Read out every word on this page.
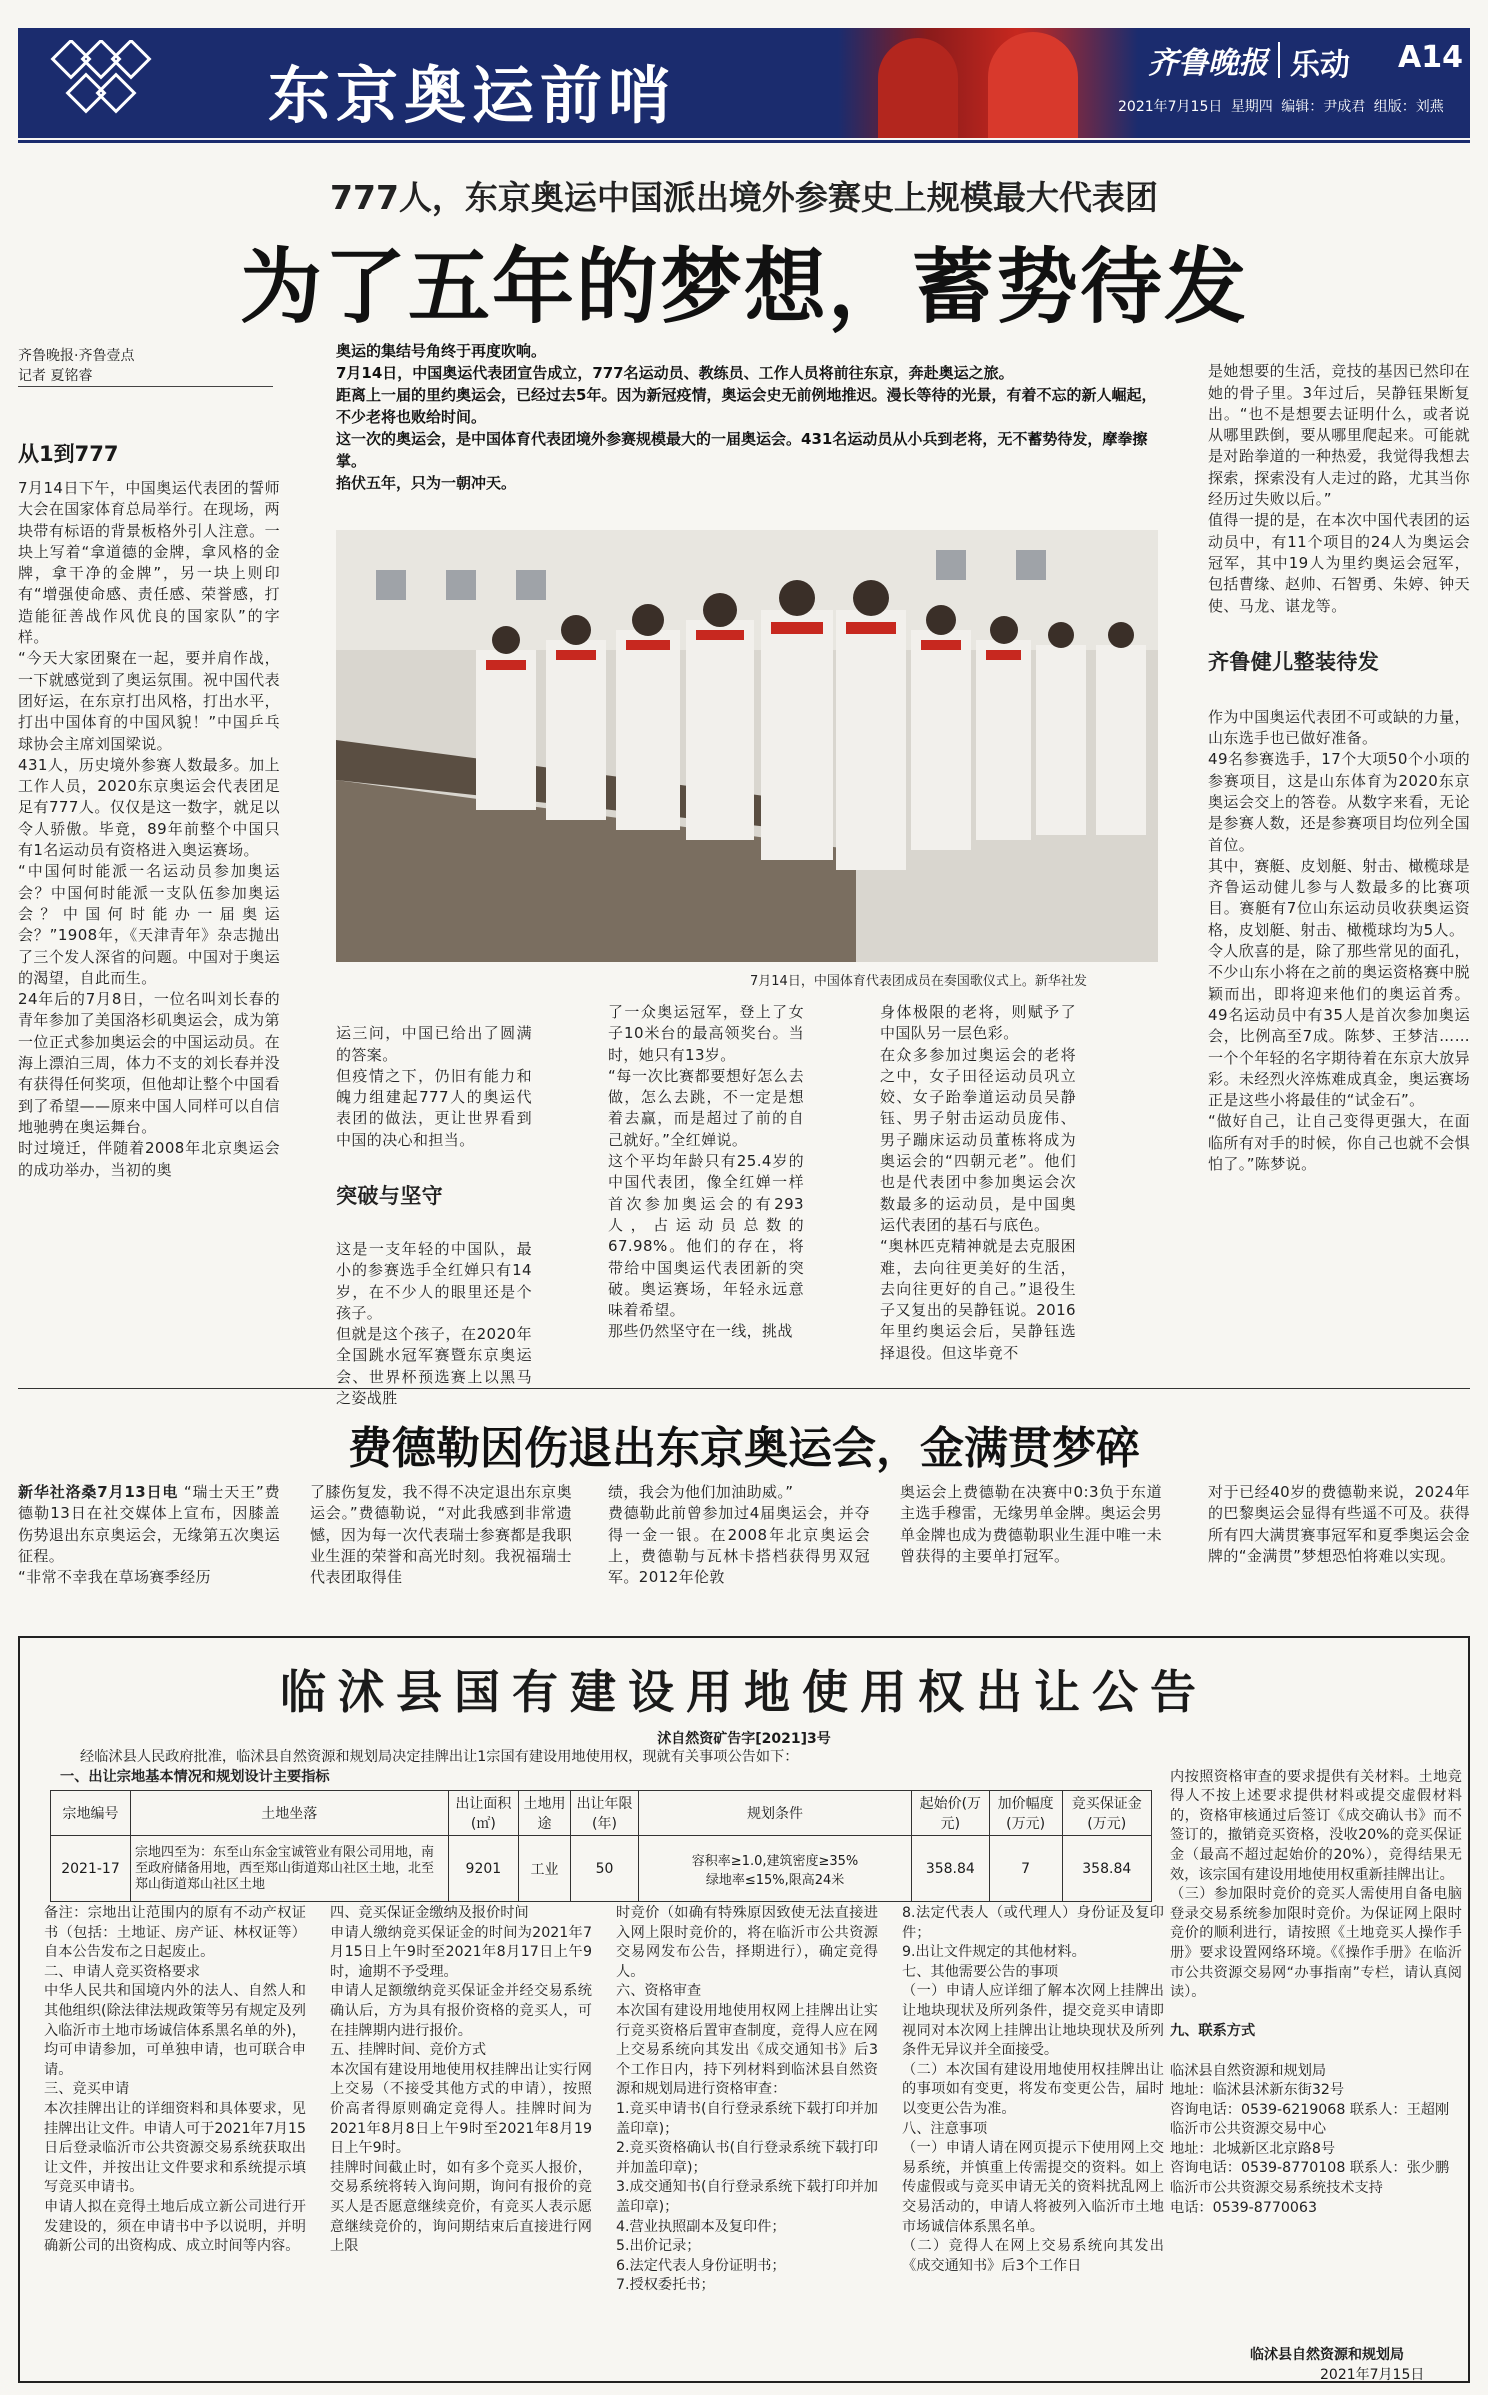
东京奥运前哨	齐鲁晚报 乐动 A14
2021年7月15日 星期四 编辑：尹成君 组版：刘燕
777人，东京奥运中国派出境外参赛史上规模最大代表团
为了五年的梦想，蓄势待发
齐鲁晚报·齐鲁壹点
记者 夏铭睿
从1到777
7月14日下午，中国奥运代表团的誓师大会在国家体育总局举行。在现场，两块带有标语的背景板格外引人注意。一块上写着“拿道德的金牌，拿风格的金牌，拿干净的金牌”，另一块上则印有“增强使命感、责任感、荣誉感，打造能征善战作风优良的国家队”的字样。
“今天大家团聚在一起，要并肩作战，一下就感觉到了奥运氛围。祝中国代表团好运，在东京打出风格，打出水平，打出中国体育的中国风貌！”中国乒乓球协会主席刘国梁说。
431人，历史境外参赛人数最多。加上工作人员，2020东京奥运会代表团足足有777人。仅仅是这一数字，就足以令人骄傲。毕竟，89年前整个中国只有1名运动员有资格进入奥运赛场。
“中国何时能派一名运动员参加奥运会？中国何时能派一支队伍参加奥运会？中国何时能办一届奥运会？”1908年，《天津青年》杂志抛出了三个发人深省的问题。中国对于奥运的渴望，自此而生。
24年后的7月8日，一位名叫刘长春的青年参加了美国洛杉矶奥运会，成为第一位正式参加奥运会的中国运动员。在海上漂泊三周，体力不支的刘长春并没有获得任何奖项，但他却让整个中国看到了希望——原来中国人同样可以自信地驰骋在奥运舞台。
时过境迁，伴随着2008年北京奥运会的成功举办，当初的奥
奥运的集结号角终于再度吹响。
7月14日，中国奥运代表团宣告成立，777名运动员、教练员、工作人员将前往东京，奔赴奥运之旅。
距离上一届的里约奥运会，已经过去5年。因为新冠疫情，奥运会史无前例地推迟。漫长等待的光景，有着不忘的新人崛起，不少老将也败给时间。
这一次的奥运会，是中国体育代表团境外参赛规模最大的一届奥运会。431名运动员从小兵到老将，无不蓄势待发，摩拳擦掌。
掐伏五年，只为一朝冲天。
7月14日，中国体育代表团成员在奏国歌仪式上。新华社发

运三问，中国已给出了圆满的答案。
但疫情之下，仍旧有能力和魄力组建起777人的奥运代表团的做法，更让世界看到中国的决心和担当。

突破与坚守

这是一支年轻的中国队，最小的参赛选手全红婵只有14岁，在不少人的眼里还是个孩子。
但就是这个孩子，在2020年全国跳水冠军赛暨东京奥运会、世界杯预选赛上以黑马之姿战胜

了一众奥运冠军，登上了女子10米台的最高领奖台。当时，她只有13岁。
“每一次比赛都要想好怎么去做，怎么去跳，不一定是想着去赢，而是超过了前的自己就好。”全红婵说。
这个平均年龄只有25.4岁的中国代表团，像全红婵一样首次参加奥运会的有293人，占运动员总数的67.98%。他们的存在，将带给中国奥运代表团新的突破。奥运赛场，年轻永远意味着希望。
那些仍然坚守在一线，挑战
身体极限的老将，则赋予了中国队另一层色彩。
在众多参加过奥运会的老将之中，女子田径运动员巩立姣、女子跆拳道运动员吴静钰、男子射击运动员庞伟、男子蹦床运动员董栋将成为奥运会的“四朝元老”。他们也是代表团中参加奥运会次数最多的运动员，是中国奥运代表团的基石与底色。
“奥林匹克精神就是去克服困难，去向往更美好的生活，去向往更好的自己。”退役生子又复出的吴静钰说。2016年里约奥运会后，吴静钰选择退役。但这毕竟不

是她想要的生活，竞技的基因已然印在她的骨子里。3年过后，吴静钰果断复出。“也不是想要去证明什么，或者说从哪里跌倒，要从哪里爬起来。可能就是对跆拳道的一种热爱，我觉得我想去探索，探索没有人走过的路，尤其当你经历过失败以后。”
值得一提的是，在本次中国代表团的运动员中，有11个项目的24人为奥运会冠军，其中19人为里约奥运会冠军，包括曹缘、赵帅、石智勇、朱婷、钟天使、马龙、谌龙等。

齐鲁健儿整装待发

作为中国奥运代表团不可或缺的力量，山东选手也已做好准备。
49名参赛选手，17个大项50个小项的参赛项目，这是山东体育为2020东京奥运会交上的答卷。从数字来看，无论是参赛人数，还是参赛项目均位列全国首位。
其中，赛艇、皮划艇、射击、橄榄球是齐鲁运动健儿参与人数最多的比赛项目。赛艇有7位山东运动员收获奥运资格，皮划艇、射击、橄榄球均为5人。
令人欣喜的是，除了那些常见的面孔，不少山东小将在之前的奥运资格赛中脱颖而出，即将迎来他们的奥运首秀。49名运动员中有35人是首次参加奥运会，比例高至7成。陈梦、王梦洁……一个个年轻的名字期待着在东京大放异彩。未经烈火淬炼难成真金，奥运赛场正是这些小将最佳的“试金石”。
“做好自己，让自己变得更强大，在面临所有对手的时候，你自己也就不会惧怕了。”陈梦说。

费德勒因伤退出东京奥运会，金满贯梦碎
新华社洛桑7月13日电 “瑞士天王”费德勒13日在社交媒体上宣布，因膝盖伤势退出东京奥运会，无缘第五次奥运征程。
“非常不幸我在草场赛季经历
了膝伤复发，我不得不决定退出东京奥运会。”费德勒说，“对此我感到非常遗憾，因为每一次代表瑞士参赛都是我职业生涯的荣誉和高光时刻。我祝福瑞士代表团取得佳
绩，我会为他们加油助威。”
费德勒此前曾参加过4届奥运会，并夺得一金一银。在2008年北京奥运会上，费德勒与瓦林卡搭档获得男双冠军。2012年伦敦
奥运会上费德勒在决赛中0:3负于东道主选手穆雷，无缘男单金牌。奥运会男单金牌也成为费德勒职业生涯中唯一未曾获得的主要单打冠军。
对于已经40岁的费德勒来说，2024年的巴黎奥运会显得有些遥不可及。获得所有四大满贯赛事冠军和夏季奥运会金牌的“金满贯”梦想恐怕将难以实现。
临沭县国有建设用地使用权出让公告
沭自然资矿告字[2021]3号
经临沭县人民政府批准，临沭县自然资源和规划局决定挂牌出让1宗国有建设用地使用权，现就有关事项公告如下：
一、出让宗地基本情况和规划设计主要指标
宗地编号	土地坐落	出让面积(㎡)	土地用途	出让年限(年)	规划条件	起始价(万元)	加价幅度(万元)	竞买保证金(万元)
2021-17	宗地四至为：东至山东金宝诚管业有限公司用地，南至政府储备用地，西至郑山街道郑山社区土地，北至郑山街道郑山社区土地	9201	工业	50	容积率≥1.0,建筑密度≥35%
绿地率≤15%,限高24米	358.84	7	358.84

内按照资格审查的要求提供有关材料。土地竞得人不按上述要求提供材料或提交虚假材料的，资格审核通过后签订《成交确认书》而不签订的，撤销竞买资格，没收20%的竞买保证金（最高不超过起始价的20%），竞得结果无效，该宗国有建设用地使用权重新挂牌出让。
（三）参加限时竞价的竞买人需使用自备电脑登录交易系统参加限时竞价。为保证网上限时竞价的顺利进行，请按照《土地竞买人操作手册》要求设置网络环境。《《操作手册》在临沂市公共资源交易网“办事指南”专栏，请认真阅读）。

九、联系方式

临沭县自然资源和规划局
地址：临沭县沭新东街32号
咨询电话：0539-6219068 联系人：王超刚
临沂市公共资源交易中心
地址：北城新区北京路8号
咨询电话：0539-8770108 联系人：张少鹏
临沂市公共资源交易系统技术支持
电话：0539-8770063

备注：宗地出让范围内的原有不动产权证书（包括：土地证、房产证、林权证等）自本公告发布之日起废止。
二、申请人竞买资格要求
中华人民共和国境内外的法人、自然人和其他组织(除法律法规政策等另有规定及列入临沂市土地市场诚信体系黑名单的外)，均可申请参加，可单独申请，也可联合申请。
三、竞买申请
本次挂牌出让的详细资料和具体要求，见挂牌出让文件。申请人可于2021年7月15日后登录临沂市公共资源交易系统获取出让文件，并按出让文件要求和系统提示填写竞买申请书。
申请人拟在竞得土地后成立新公司进行开发建设的，须在申请书中予以说明，并明确新公司的出资构成、成立时间等内容。
四、竞买保证金缴纳及报价时间
申请人缴纳竞买保证金的时间为2021年7月15日上午9时至2021年8月17日上午9时，逾期不予受理。
申请人足额缴纳竞买保证金并经交易系统确认后，方为具有报价资格的竞买人，可在挂牌期内进行报价。
五、挂牌时间、竞价方式
本次国有建设用地使用权挂牌出让实行网上交易（不接受其他方式的申请），按照价高者得原则确定竞得人。挂牌时间为2021年8月8日上午9时至2021年8月19日上午9时。
挂牌时间截止时，如有多个竞买人报价，交易系统将转入询问期，询问有报价的竞买人是否愿意继续竞价，有竞买人表示愿意继续竞价的，询问期结束后直接进行网上限
时竞价（如确有特殊原因致使无法直接进入网上限时竞价的，将在临沂市公共资源交易网发布公告，择期进行），确定竞得人。
六、资格审查
本次国有建设用地使用权网上挂牌出让实行竞买资格后置审查制度，竞得人应在网上交易系统向其发出《成交通知书》后3个工作日内，持下列材料到临沭县自然资源和规划局进行资格审查：
1.竞买申请书(自行登录系统下载打印并加盖印章)；
2.竞买资格确认书(自行登录系统下载打印并加盖印章)；
3.成交通知书(自行登录系统下载打印并加盖印章)；
4.营业执照副本及复印件；
5.出价记录；
6.法定代表人身份证明书；
7.授权委托书；
8.法定代表人（或代理人）身份证及复印件；
9.出让文件规定的其他材料。
七、其他需要公告的事项
（一）申请人应详细了解本次网上挂牌出让地块现状及所列条件，提交竞买申请即视同对本次网上挂牌出让地块现状及所列条件无异议并全面接受。
（二）本次国有建设用地使用权挂牌出让的事项如有变更，将发布变更公告，届时以变更公告为准。
八、注意事项
（一）申请人请在网页提示下使用网上交易系统，并慎重上传需提交的资料。如上传虚假或与竞买申请无关的资料扰乱网上交易活动的，申请人将被列入临沂市土地市场诚信体系黑名单。
（二）竞得人在网上交易系统向其发出《成交通知书》后3个工作日
临沭县自然资源和规划局
2021年7月15日
